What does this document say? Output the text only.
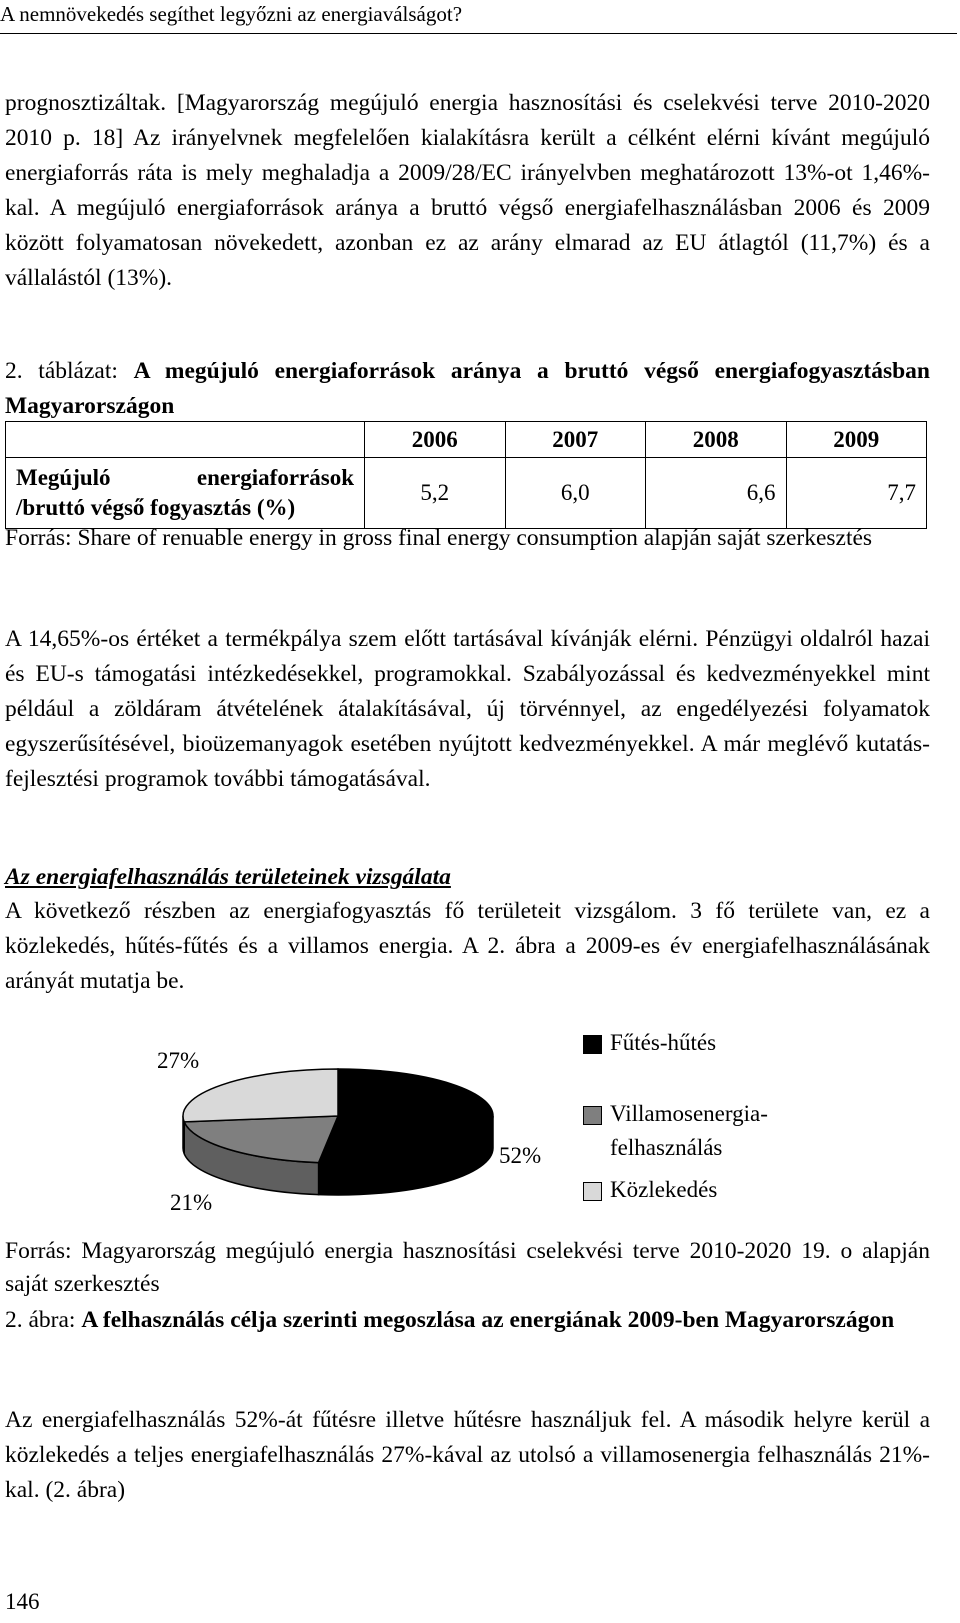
A nemnövekedés segíthet legyőzni az energiaválságot?
prognosztizáltak. [Magyarország megújuló energia hasznosítási és cselekvési terve 2010-2020 2010 p. 18] Az irányelvnek megfelelően kialakításra került a célként elérni kívánt megújuló energiaforrás ráta is mely meghaladja a 2009/28/EC irányelvben meghatározott 13%-ot 1,46%-kal. A megújuló energiaforrások aránya a bruttó végső energiafelhasználásban 2006 és 2009 között folyamatosan növekedett, azonban ez az arány elmarad az EU átlagtól (11,7%) és a vállalástól (13%).
2. táblázat: A megújuló energiaforrások aránya a bruttó végső energiafogyasztásban Magyarországon
	2006	2007	2008	2009

Megújuló energiaforrások
/bruttó végső fogyasztás (%)	5,2	6,0	6,6	7,7
Forrás: Share of renuable energy in gross final energy consumption alapján saját szerkesztés
A 14,65%-os értéket a termékpálya szem előtt tartásával kívánják elérni. Pénzügyi oldalról hazai és EU-s támogatási intézkedésekkel, programokkal. Szabályozással és kedvezményekkel mint például a zöldáram átvételének átalakításával, új törvénnyel, az engedélyezési folyamatok egyszerűsítésével, bioüzemanyagok esetében nyújtott kedvezményekkel. A már meglévő kutatás-fejlesztési programok további támogatásával.
Az energiafelhasználás területeinek vizsgálata
A következő részben az energiafogyasztás fő területeit vizsgálom. 3 fő területe van, ez a közlekedés, hűtés-fűtés és a villamos energia. A 2. ábra a 2009-es év energiafelhasználásának arányát mutatja be.
27%
52%
21%
Fűtés-hűtés
Villamosenergia-
felhasználás
Közlekedés
Forrás: Magyarország megújuló energia hasznosítási cselekvési terve 2010-2020 19. o alapján saját szerkesztés
2. ábra: A felhasználás célja szerinti megoszlása az energiának 2009-ben Magyarországon
Az energiafelhasználás 52%-át fűtésre illetve hűtésre használjuk fel. A második helyre kerül a közlekedés a teljes energiafelhasználás 27%-kával az utolsó a villamosenergia felhasználás 21%-kal. (2. ábra)
146
